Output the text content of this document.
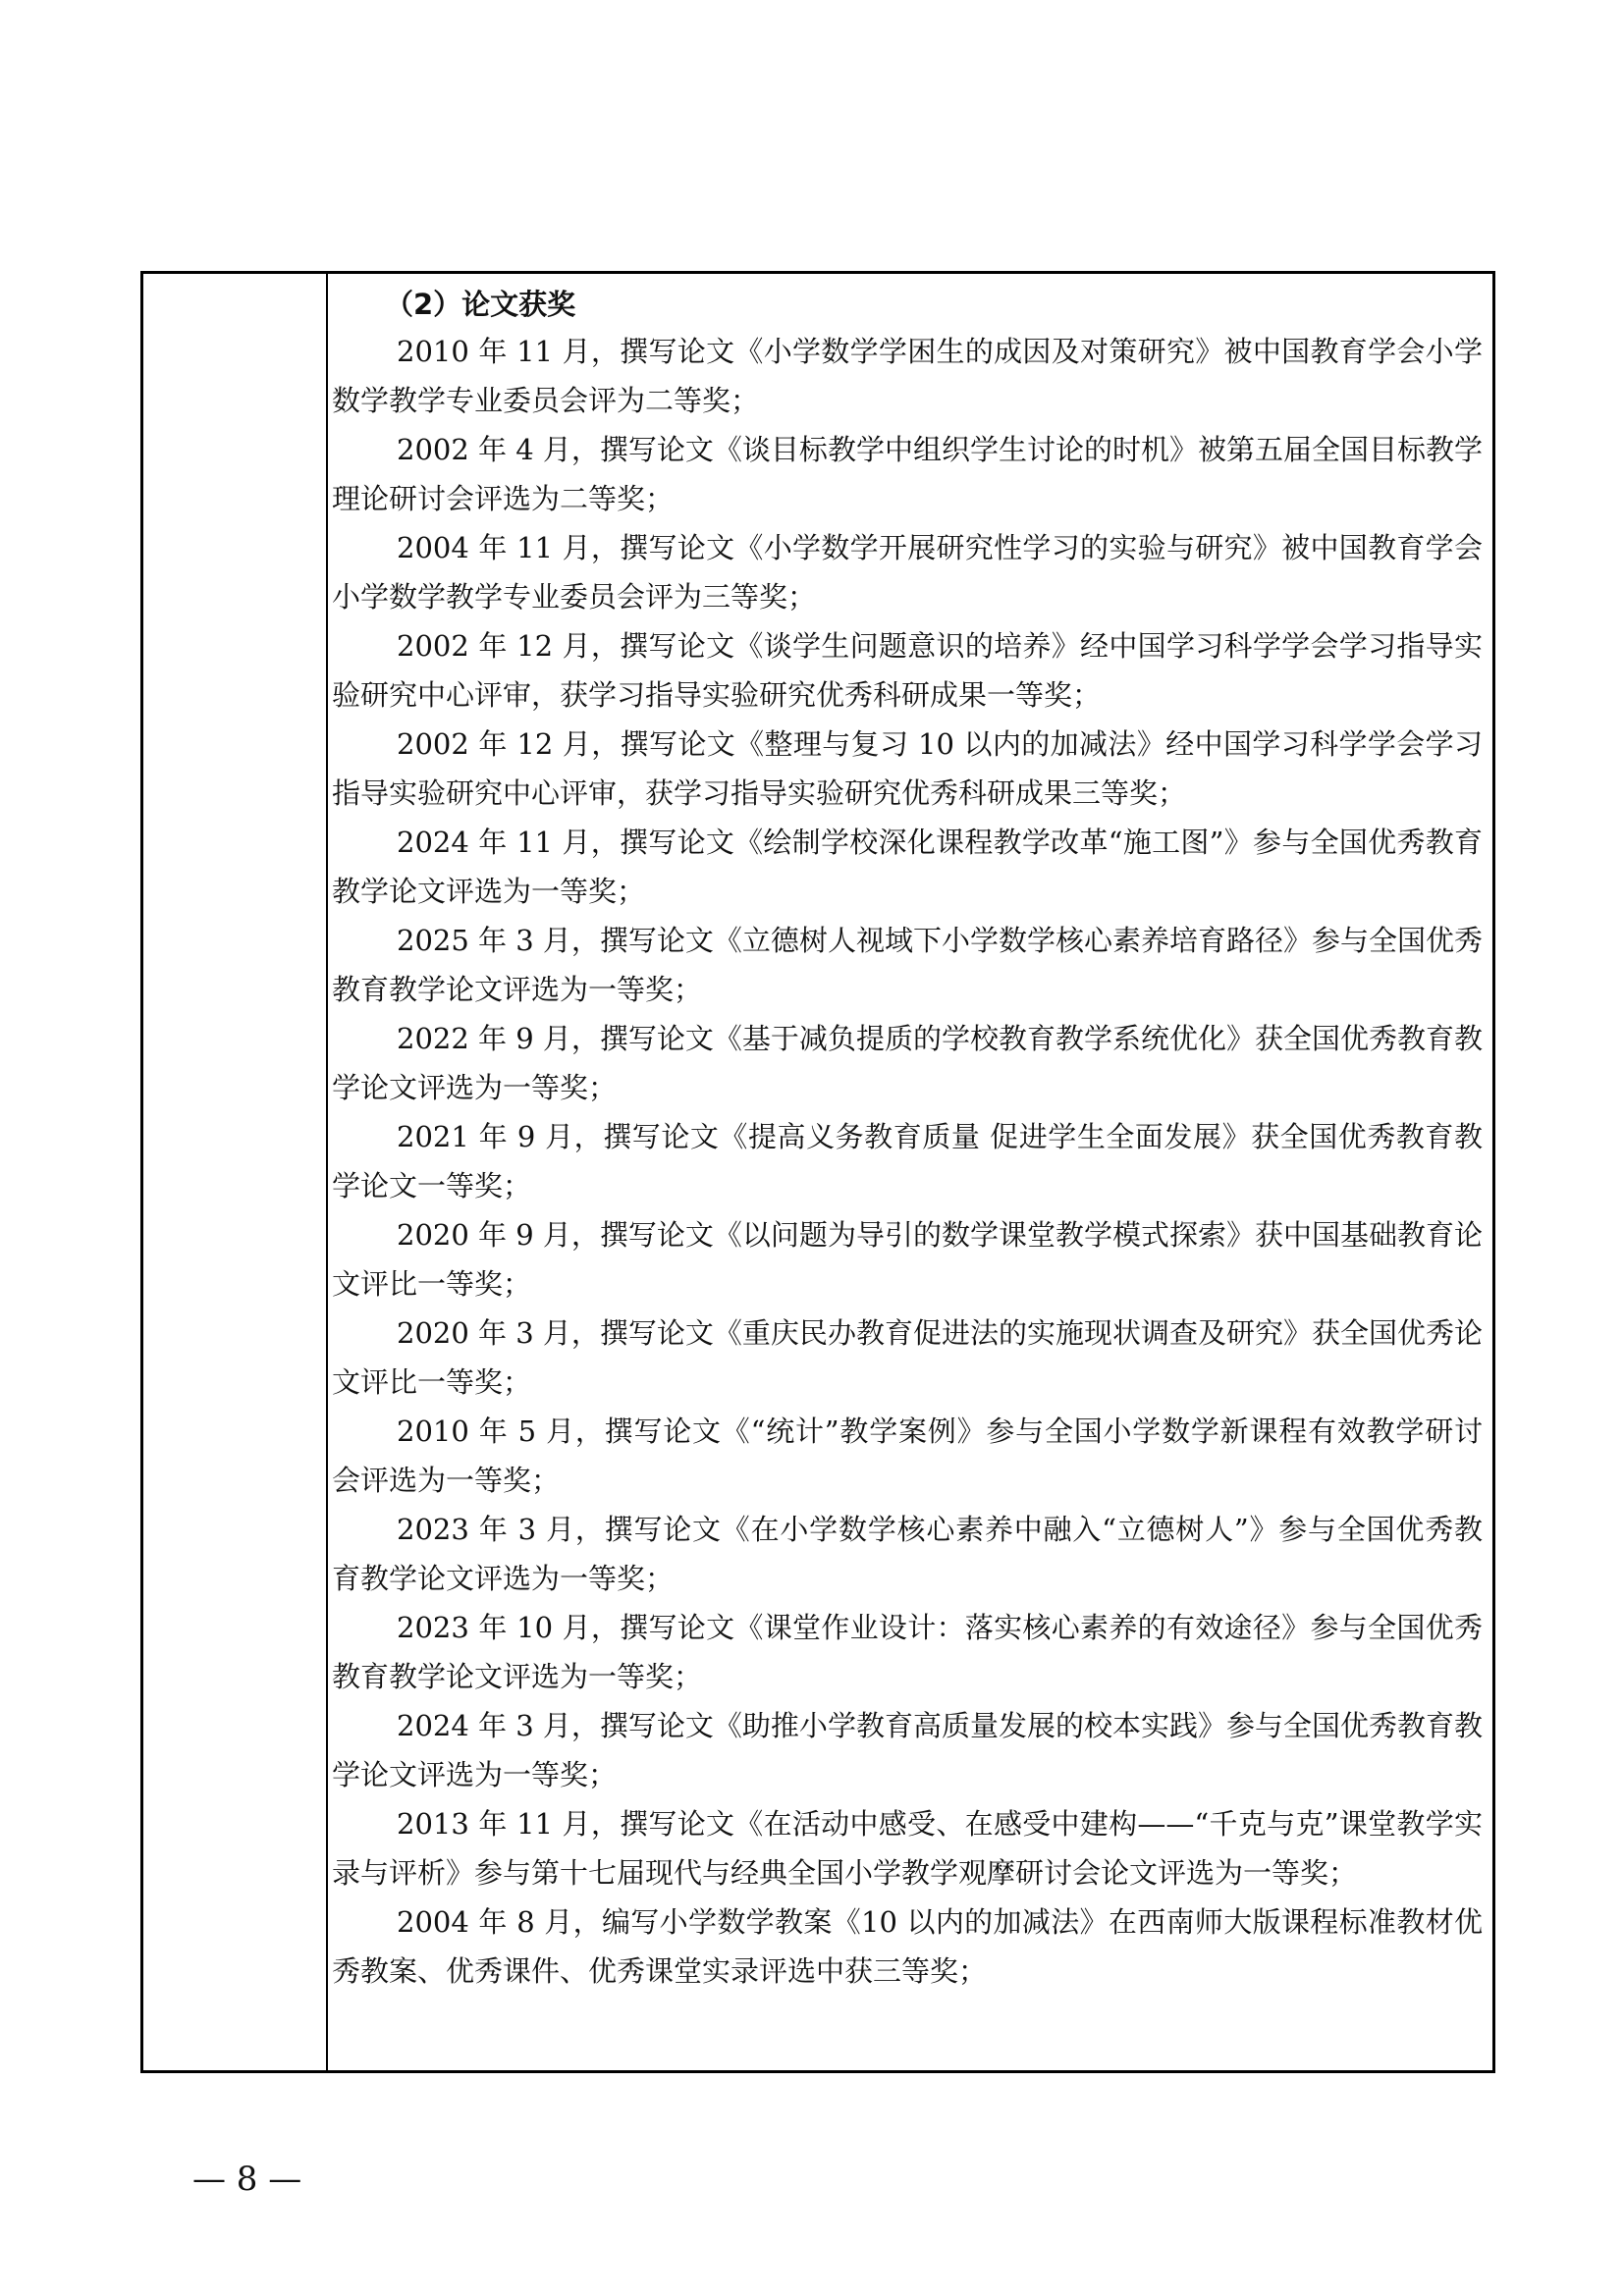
（2）论文获奖

2010 年 11 月，撰写论文《小学数学学困生的成因及对策研究》被中国教育学会小学数学教学专业委员会评为二等奖；

2002 年 4 月，撰写论文《谈目标教学中组织学生讨论的时机》被第五届全国目标教学理论研讨会评选为二等奖；

2004 年 11 月，撰写论文《小学数学开展研究性学习的实验与研究》被中国教育学会小学数学教学专业委员会评为三等奖；

2002 年 12 月，撰写论文《谈学生问题意识的培养》经中国学习科学学会学习指导实验研究中心评审，获学习指导实验研究优秀科研成果一等奖；

2002 年 12 月，撰写论文《整理与复习 10 以内的加减法》经中国学习科学学会学习指导实验研究中心评审，获学习指导实验研究优秀科研成果三等奖；

2024 年 11 月，撰写论文《绘制学校深化课程教学改革“施工图”》参与全国优秀教育教学论文评选为一等奖；

2025 年 3 月，撰写论文《立德树人视域下小学数学核心素养培育路径》参与全国优秀教育教学论文评选为一等奖；

2022 年 9 月，撰写论文《基于减负提质的学校教育教学系统优化》获全国优秀教育教学论文评选为一等奖；

2021 年 9 月，撰写论文《提高义务教育质量 促进学生全面发展》获全国优秀教育教学论文一等奖；

2020 年 9 月，撰写论文《以问题为导引的数学课堂教学模式探索》获中国基础教育论文评比一等奖；

2020 年 3 月，撰写论文《重庆民办教育促进法的实施现状调查及研究》获全国优秀论文评比一等奖；

2010 年 5 月，撰写论文《“统计”教学案例》参与全国小学数学新课程有效教学研讨会评选为一等奖；

2023 年 3 月，撰写论文《在小学数学核心素养中融入“立德树人”》参与全国优秀教育教学论文评选为一等奖；

2023 年 10 月，撰写论文《课堂作业设计：落实核心素养的有效途径》参与全国优秀教育教学论文评选为一等奖；

2024 年 3 月，撰写论文《助推小学教育高质量发展的校本实践》参与全国优秀教育教学论文评选为一等奖；

2013 年 11 月，撰写论文《在活动中感受、在感受中建构——“千克与克”课堂教学实录与评析》参与第十七届现代与经典全国小学教学观摩研讨会论文评选为一等奖；

2004 年 8 月，编写小学数学教案《10 以内的加减法》在西南师大版课程标准教材优秀教案、优秀课件、优秀课堂实录评选中获三等奖；

— 8 —
